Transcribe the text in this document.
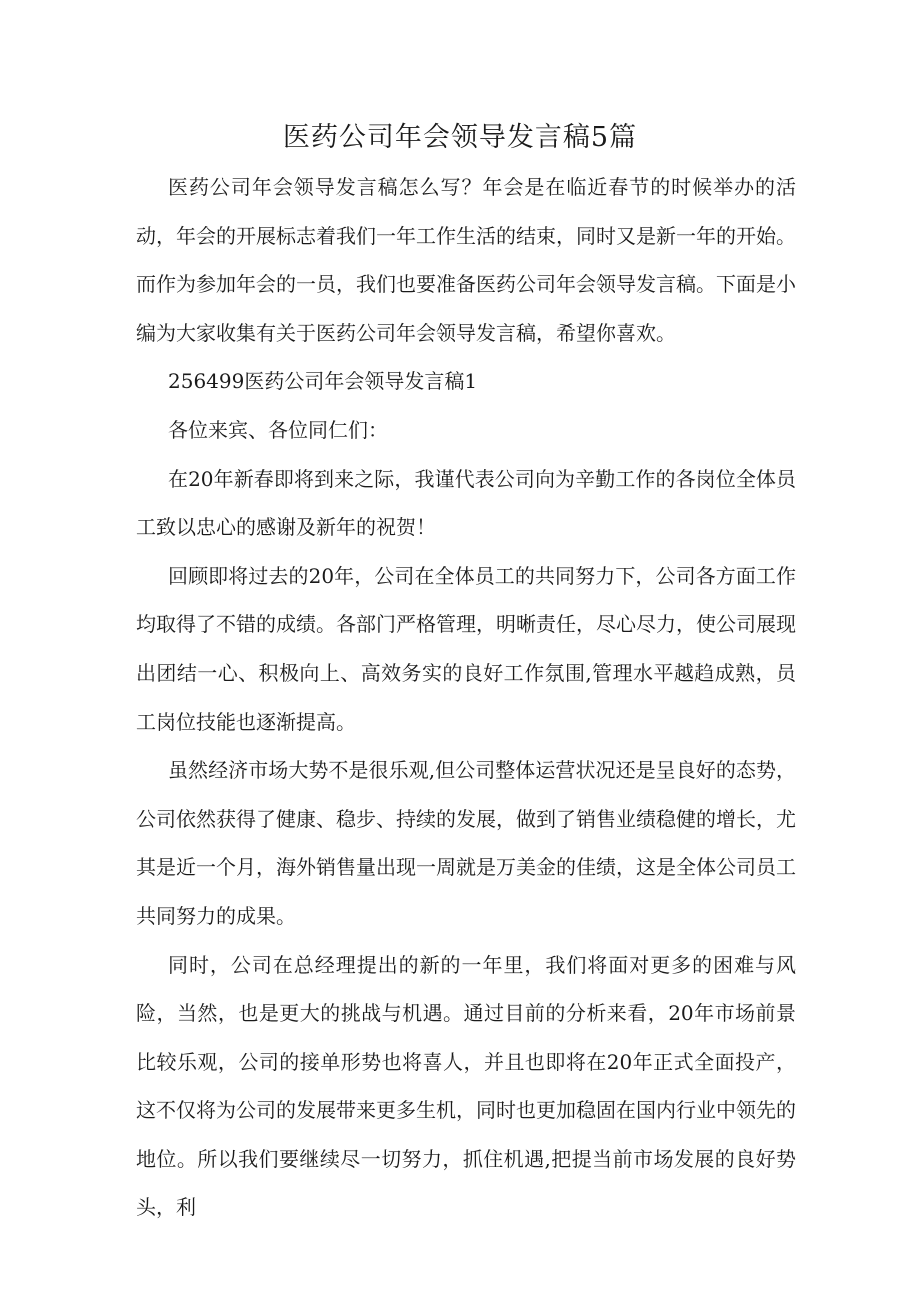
医药公司年会领导发言稿5篇

医药公司年会领导发言稿怎么写？年会是在临近春节的时候举办的活动，年会的开展标志着我们一年工作生活的结束，同时又是新一年的开始。而作为参加年会的一员，我们也要准备医药公司年会领导发言稿。下面是小编为大家收集有关于医药公司年会领导发言稿，希望你喜欢。

256499医药公司年会领导发言稿1

各位来宾、各位同仁们：

在20年新春即将到来之际，我谨代表公司向为辛勤工作的各岗位全体员工致以忠心的感谢及新年的祝贺！

回顾即将过去的20年，公司在全体员工的共同努力下，公司各方面工作均取得了不错的成绩。各部门严格管理，明晰责任，尽心尽力，使公司展现出团结一心、积极向上、高效务实的良好工作氛围,管理水平越趋成熟，员工岗位技能也逐渐提高。

虽然经济市场大势不是很乐观,但公司整体运营状况还是呈良好的态势，公司依然获得了健康、稳步、持续的发展，做到了销售业绩稳健的增长，尤其是近一个月，海外销售量出现一周就是万美金的佳绩，这是全体公司员工共同努力的成果。

同时，公司在总经理提出的新的一年里，我们将面对更多的困难与风险，当然，也是更大的挑战与机遇。通过目前的分析来看，20年市场前景比较乐观，公司的接单形势也将喜人，并且也即将在20年正式全面投产，这不仅将为公司的发展带来更多生机，同时也更加稳固在国内行业中领先的地位。所以我们要继续尽一切努力，抓住机遇,把提当前市场发展的良好势头，利
